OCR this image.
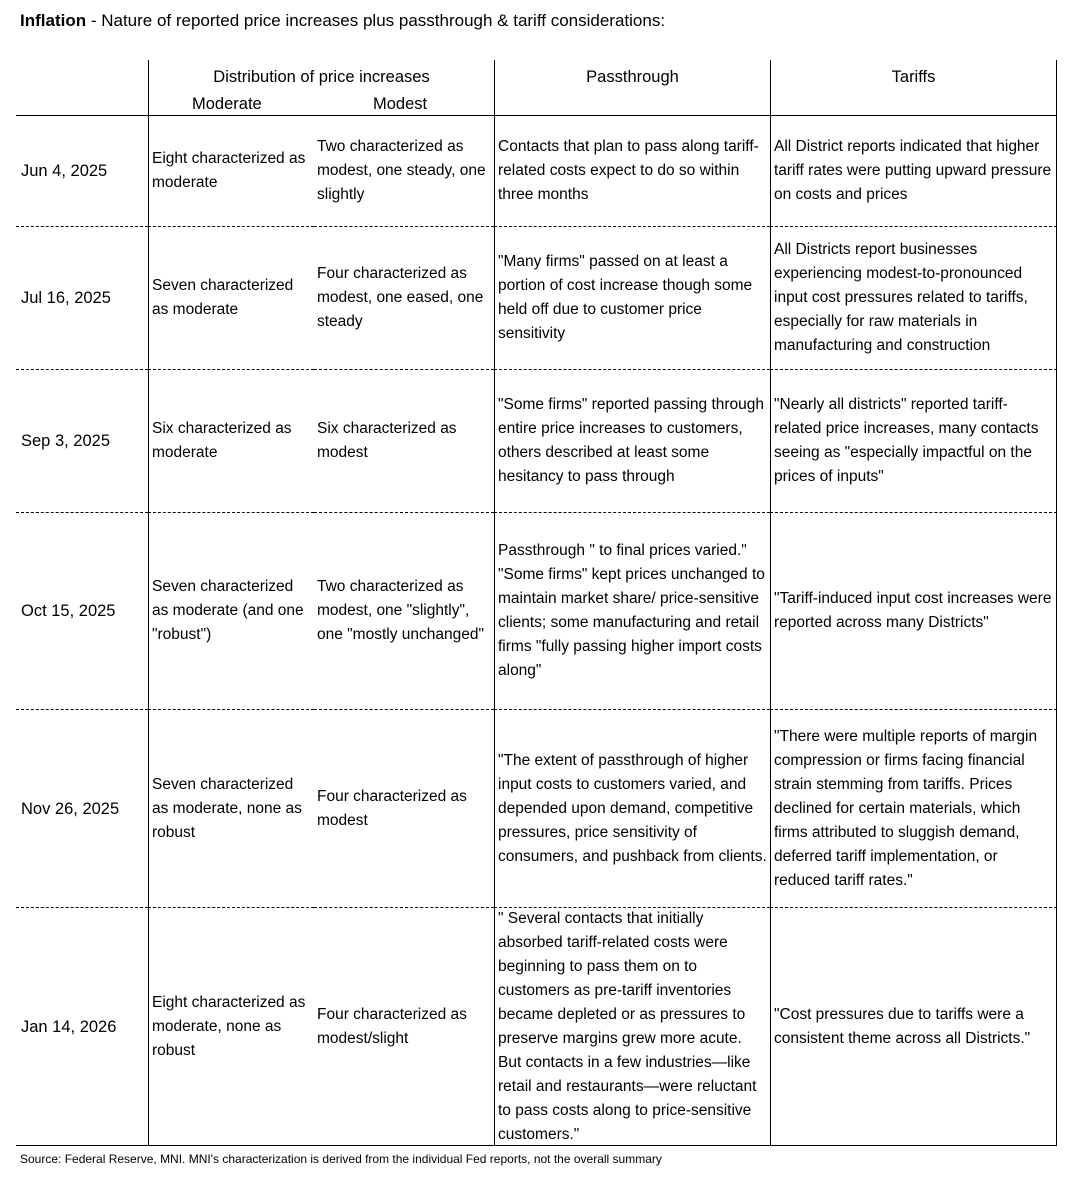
Inflation - Nature of reported price increases plus passthrough & tariff considerations:
Distribution of price increases
Moderate	Modest
Passthrough	Tariffs
Jun 4, 2025
Eight characterized as moderate
Two characterized as modest, one steady, one slightly
Contacts that plan to pass along tariff-related costs expect to do so within three months
All District reports indicated that higher tariff rates were putting upward pressure on costs and prices
Jul 16, 2025
Seven characterized as moderate
Four characterized as modest, one eased, one steady
"Many firms" passed on at least a portion of cost increase though some held off due to customer price sensitivity
All Districts report businesses experiencing modest-to-pronounced input cost pressures related to tariffs, especially for raw materials in manufacturing and construction
Sep 3, 2025
Six characterized as moderate
Six characterized as modest
"Some firms" reported passing through entire price increases to customers, others described at least some hesitancy to pass through
"Nearly all districts" reported tariff-related price increases, many contacts seeing as "especially impactful on the prices of inputs"
Oct 15, 2025
Seven characterized as moderate (and one "robust")
Two characterized as modest, one "slightly", one "mostly unchanged"
Passthrough " to final prices varied." "Some firms" kept prices unchanged to maintain market share/ price-sensitive clients; some manufacturing and retail firms "fully passing higher import costs along"
"Tariff-induced input cost increases were reported across many Districts"
Nov 26, 2025
Seven characterized as moderate, none as robust
Four characterized as modest
"The extent of passthrough of higher input costs to customers varied, and depended upon demand, competitive pressures, price sensitivity of consumers, and pushback from clients.
"There were multiple reports of margin compression or firms facing financial strain stemming from tariffs. Prices declined for certain materials, which firms attributed to sluggish demand, deferred tariff implementation, or reduced tariff rates."
Jan 14, 2026
Eight characterized as moderate, none as robust
Four characterized as modest/slight
" Several contacts that initially absorbed tariff-related costs were beginning to pass them on to customers as pre-tariff inventories became depleted or as pressures to preserve margins grew more acute. But contacts in a few industries—like retail and restaurants—were reluctant to pass costs along to price-sensitive customers."
"Cost pressures due to tariffs were a consistent theme across all Districts."
Source: Federal Reserve, MNI. MNI's characterization is derived from the individual Fed reports, not the overall summary
